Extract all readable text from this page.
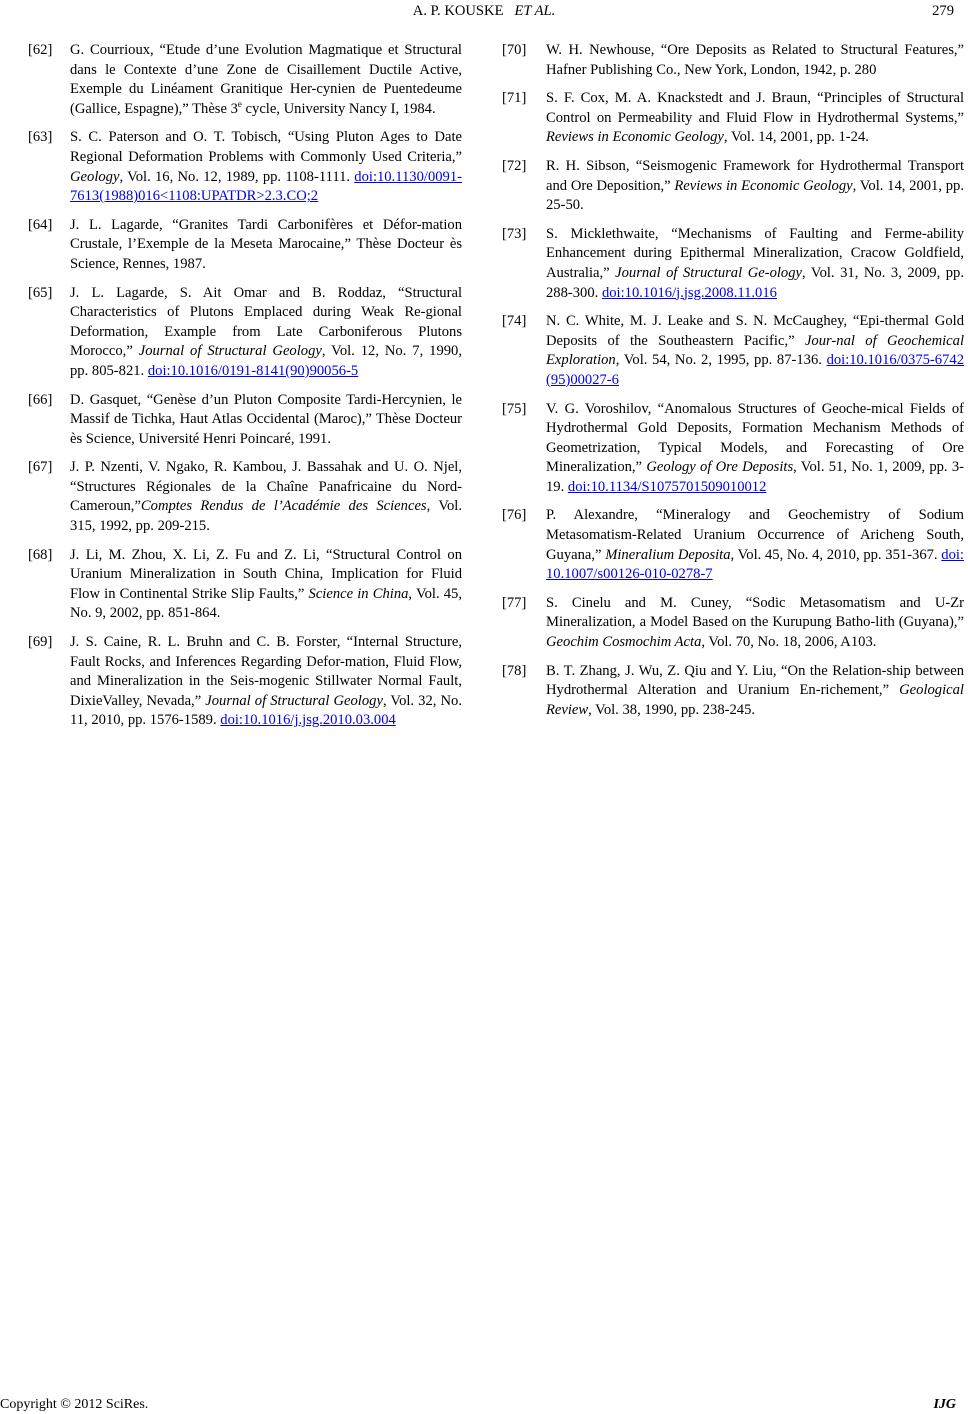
A. P. KOUSKE ET AL.	279
[62] G. Courrioux, “Etude d’une Evolution Magmatique et Structural dans le Contexte d’une Zone de Cisaillement Ductile Active, Exemple du Linéament Granitique Her-cynien de Puentedeume (Gallice, Espagne),” Thèse 3e cycle, University Nancy I, 1984.
[63] S. C. Paterson and O. T. Tobisch, “Using Pluton Ages to Date Regional Deformation Problems with Commonly Used Criteria,” Geology, Vol. 16, No. 12, 1989, pp. 1108-1111. doi:10.1130/0091-7613(1988)016<1108:UPATDR>2.3.CO;2
[64] J. L. Lagarde, “Granites Tardi Carbonifères et Défor-mation Crustale, l’Exemple de la Meseta Marocaine,” Thèse Docteur ès Science, Rennes, 1987.
[65] J. L. Lagarde, S. Ait Omar and B. Roddaz, “Structural Characteristics of Plutons Emplaced during Weak Re-gional Deformation, Example from Late Carboniferous Plutons Morocco,” Journal of Structural Geology, Vol. 12, No. 7, 1990, pp. 805-821. doi:10.1016/0191-8141(90)90056-5
[66] D. Gasquet, “Genèse d’un Pluton Composite Tardi-Hercynien, le Massif de Tichka, Haut Atlas Occidental (Maroc),” Thèse Docteur ès Science, Université Henri Poincaré, 1991.
[67] J. P. Nzenti, V. Ngako, R. Kambou, J. Bassahak and U. O. Njel, “Structures Régionales de la Chaîne Panafricaine du Nord-Cameroun,”Comptes Rendus de l’Académie des Sciences, Vol. 315, 1992, pp. 209-215.
[68] J. Li, M. Zhou, X. Li, Z. Fu and Z. Li, “Structural Control on Uranium Mineralization in South China, Implication for Fluid Flow in Continental Strike Slip Faults,” Science in China, Vol. 45, No. 9, 2002, pp. 851-864.
[69] J. S. Caine, R. L. Bruhn and C. B. Forster, “Internal Structure, Fault Rocks, and Inferences Regarding Defor-mation, Fluid Flow, and Mineralization in the Seis-mogenic Stillwater Normal Fault, DixieValley, Nevada,” Journal of Structural Geology, Vol. 32, No. 11, 2010, pp. 1576-1589. doi:10.1016/j.jsg.2010.03.004
[70] W. H. Newhouse, “Ore Deposits as Related to Structural Features,” Hafner Publishing Co., New York, London, 1942, p. 280
[71] S. F. Cox, M. A. Knackstedt and J. Braun, “Principles of Structural Control on Permeability and Fluid Flow in Hydrothermal Systems,” Reviews in Economic Geology, Vol. 14, 2001, pp. 1-24.
[72] R. H. Sibson, “Seismogenic Framework for Hydrothermal Transport and Ore Deposition,” Reviews in Economic Geology, Vol. 14, 2001, pp. 25-50.
[73] S. Micklethwaite, “Mechanisms of Faulting and Ferme-ability Enhancement during Epithermal Mineralization, Cracow Goldfield, Australia,” Journal of Structural Ge-ology, Vol. 31, No. 3, 2009, pp. 288-300. doi:10.1016/j.jsg.2008.11.016
[74] N. C. White, M. J. Leake and S. N. McCaughey, “Epi-thermal Gold Deposits of the Southeastern Pacific,” Jour-nal of Geochemical Exploration, Vol. 54, No. 2, 1995, pp. 87-136. doi:10.1016/0375-6742(95)00027-6
[75] V. G. Voroshilov, “Anomalous Structures of Geoche-mical Fields of Hydrothermal Gold Deposits, Formation Mechanism Methods of Geometrization, Typical Models, and Forecasting of Ore Mineralization,” Geology of Ore Deposits, Vol. 51, No. 1, 2009, pp. 3-19. doi:10.1134/S1075701509010012
[76] P. Alexandre, “Mineralogy and Geochemistry of Sodium Metasomatism-Related Uranium Occurrence of Aricheng South, Guyana,” Mineralium Deposita, Vol. 45, No. 4, 2010, pp. 351-367. doi:10.1007/s00126-010-0278-7
[77] S. Cinelu and M. Cuney, “Sodic Metasomatism and U-Zr Mineralization, a Model Based on the Kurupung Batho-lith (Guyana),” Geochim Cosmochim Acta, Vol. 70, No. 18, 2006, A103.
[78] B. T. Zhang, J. Wu, Z. Qiu and Y. Liu, “On the Relation-ship between Hydrothermal Alteration and Uranium En-richement,” Geological Review, Vol. 38, 1990, pp. 238-245.
Copyright © 2012 SciRes.	IJG
